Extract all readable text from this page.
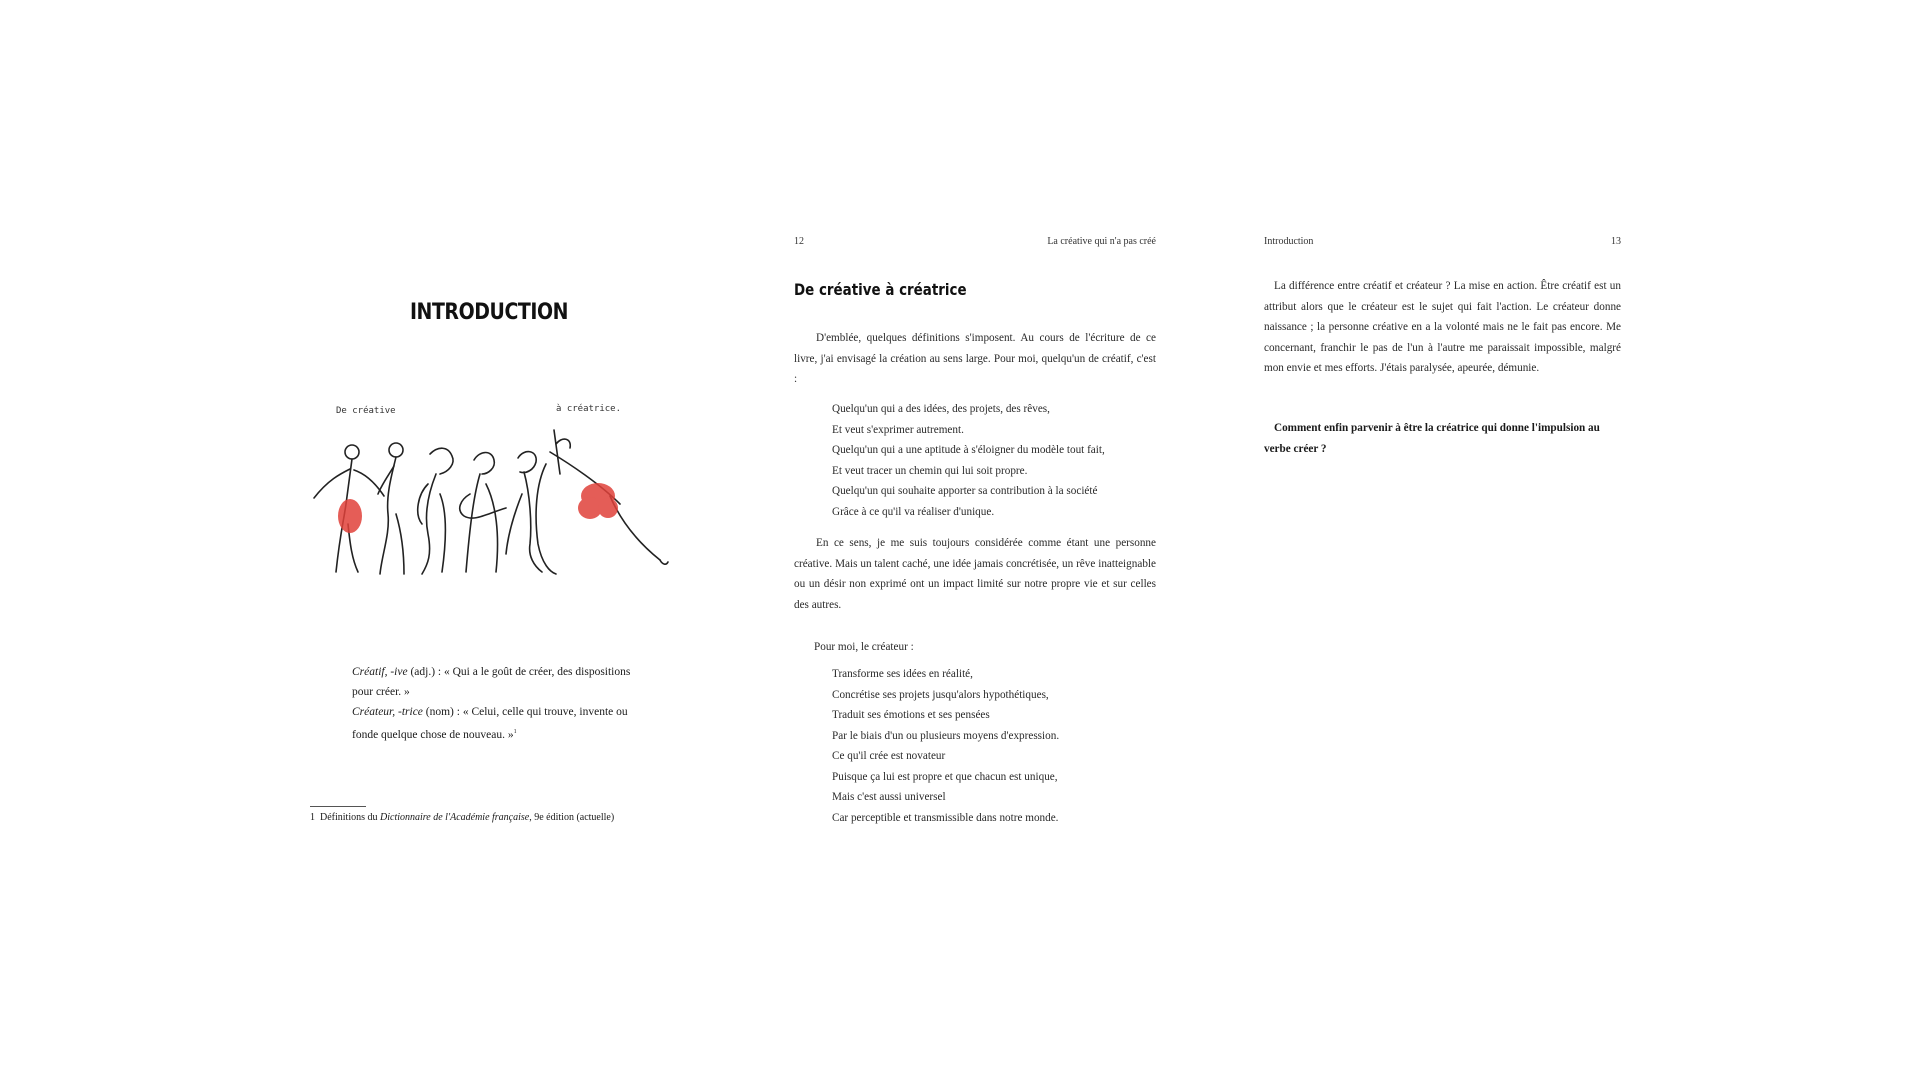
INTRODUCTION
De créative	à créatrice.
Créatif, -ive (adj.) : « Qui a le goût de créer, des dispositions pour créer. »
Créateur, -trice (nom) : « Celui, celle qui trouve, invente ou fonde quelque chose de nouveau. »$^1$
1 Définitions du Dictionnaire de l'Académie française, 9e édition (actuelle)
12	La créative qui n'a pas créé
De créative à créatrice
D'emblée, quelques définitions s'imposent. Au cours de l'écriture de ce livre, j'ai envisagé la création au sens large. Pour moi, quelqu'un de créatif, c'est :
Quelqu'un qui a des idées, des projets, des rêves,
Et veut s'exprimer autrement.
Quelqu'un qui a une aptitude à s'éloigner du modèle tout fait,
Et veut tracer un chemin qui lui soit propre.
Quelqu'un qui souhaite apporter sa contribution à la société
Grâce à ce qu'il va réaliser d'unique.
En ce sens, je me suis toujours considérée comme étant une personne créative. Mais un talent caché, une idée jamais concrétisée, un rêve inatteignable ou un désir non exprimé ont un impact limité sur notre propre vie et sur celles des autres.
Pour moi, le créateur :
Transforme ses idées en réalité,
Concrétise ses projets jusqu'alors hypothétiques,
Traduit ses émotions et ses pensées
Par le biais d'un ou plusieurs moyens d'expression.
Ce qu'il crée est novateur
Puisque ça lui est propre et que chacun est unique,
Mais c'est aussi universel
Car perceptible et transmissible dans notre monde.
Introduction	13
La différence entre créatif et créateur ? La mise en action. Être créatif est un attribut alors que le créateur est le sujet qui fait l'action. Le créateur donne naissance ; la personne créative en a la volonté mais ne le fait pas encore. Me concernant, franchir le pas de l'un à l'autre me paraissait impossible, malgré mon envie et mes efforts. J'étais paralysée, apeurée, démunie.
Comment enfin parvenir à être la créatrice qui donne l'impulsion au verbe créer ?
